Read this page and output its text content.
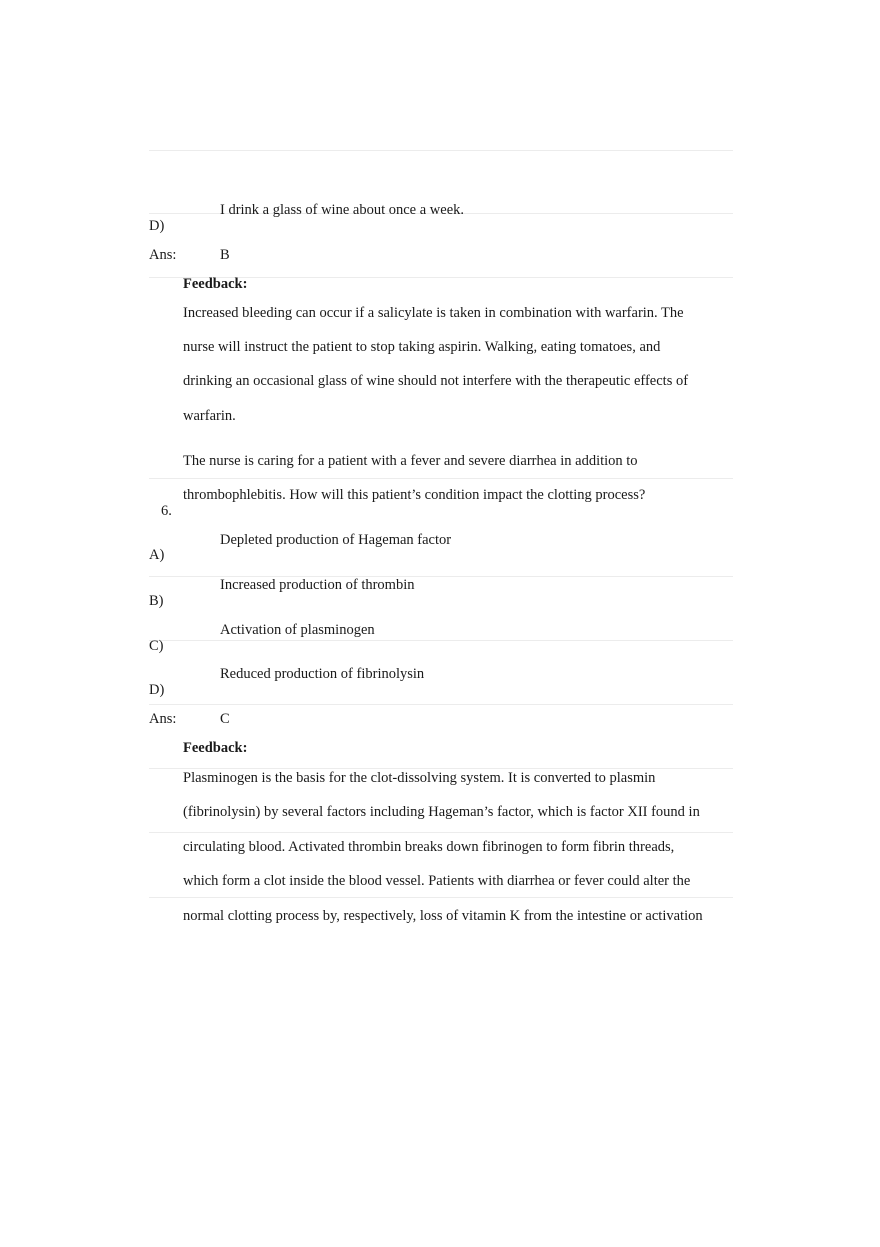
I drink a glass of wine about once a week.
D)
Ans:	B
Feedback:
Increased bleeding can occur if a salicylate is taken in combination with warfarin. The
nurse will instruct the patient to stop taking aspirin. Walking, eating tomatoes, and
drinking an occasional glass of wine should not interfere with the therapeutic effects of
warfarin.
The nurse is caring for a patient with a fever and severe diarrhea in addition to
thrombophlebitis. How will this patient’s condition impact the clotting process?
6.
Depleted production of Hageman factor
A)
Increased production of thrombin
B)
Activation of plasminogen
C)
Reduced production of fibrinolysin
D)
Ans:	C
Feedback:
Plasminogen is the basis for the clot-dissolving system. It is converted to plasmin
(fibrinolysin) by several factors including Hageman’s factor, which is factor XII found in
circulating blood. Activated thrombin breaks down fibrinogen to form fibrin threads,
which form a clot inside the blood vessel. Patients with diarrhea or fever could alter the
normal clotting process by, respectively, loss of vitamin K from the intestine or activation
